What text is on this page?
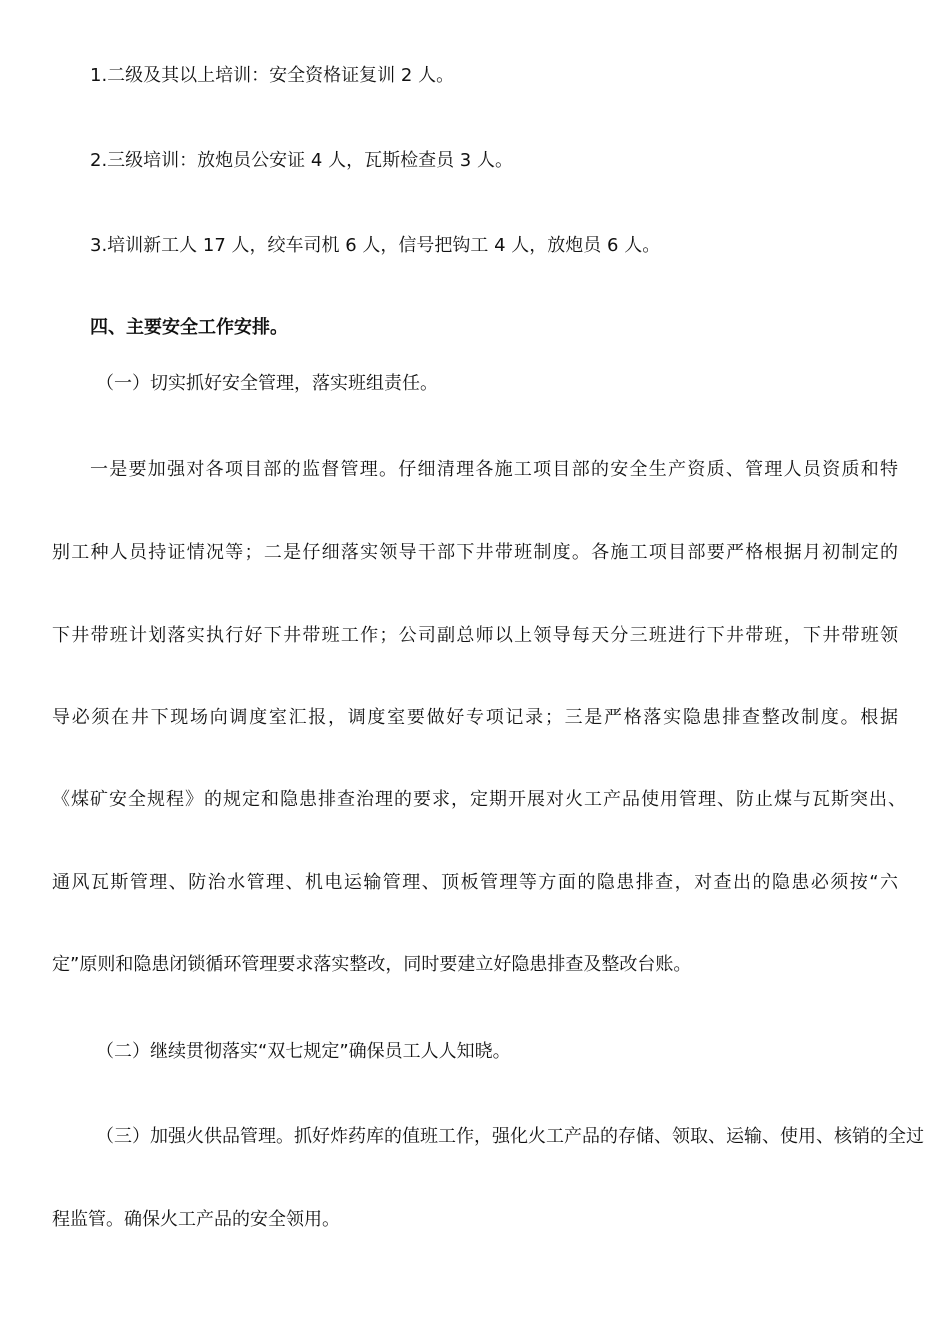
1.二级及其以上培训：安全资格证复训 2 人。
2.三级培训：放炮员公安证 4 人，瓦斯检查员 3 人。
3.培训新工人 17 人，绞车司机 6 人，信号把钩工 4 人，放炮员 6 人。
四、主要安全工作安排。
（一）切实抓好安全管理，落实班组责任。
一是要加强对各项目部的监督管理。仔细清理各施工项目部的安全生产资质、管理人员资质和特
别工种人员持证情况等；二是仔细落实领导干部下井带班制度。各施工项目部要严格根据月初制定的
下井带班计划落实执行好下井带班工作；公司副总师以上领导每天分三班进行下井带班，下井带班领
导必须在井下现场向调度室汇报，调度室要做好专项记录；三是严格落实隐患排查整改制度。根据
《煤矿安全规程》的规定和隐患排查治理的要求，定期开展对火工产品使用管理、防止煤与瓦斯突出、
通风瓦斯管理、防治水管理、机电运输管理、顶板管理等方面的隐患排查，对查出的隐患必须按“六
定”原则和隐患闭锁循环管理要求落实整改，同时要建立好隐患排查及整改台账。
（二）继续贯彻落实“双七规定”确保员工人人知晓。
（三）加强火供品管理。抓好炸药库的值班工作，强化火工产品的存储、领取、运输、使用、核销的全过
程监管。确保火工产品的安全领用。
